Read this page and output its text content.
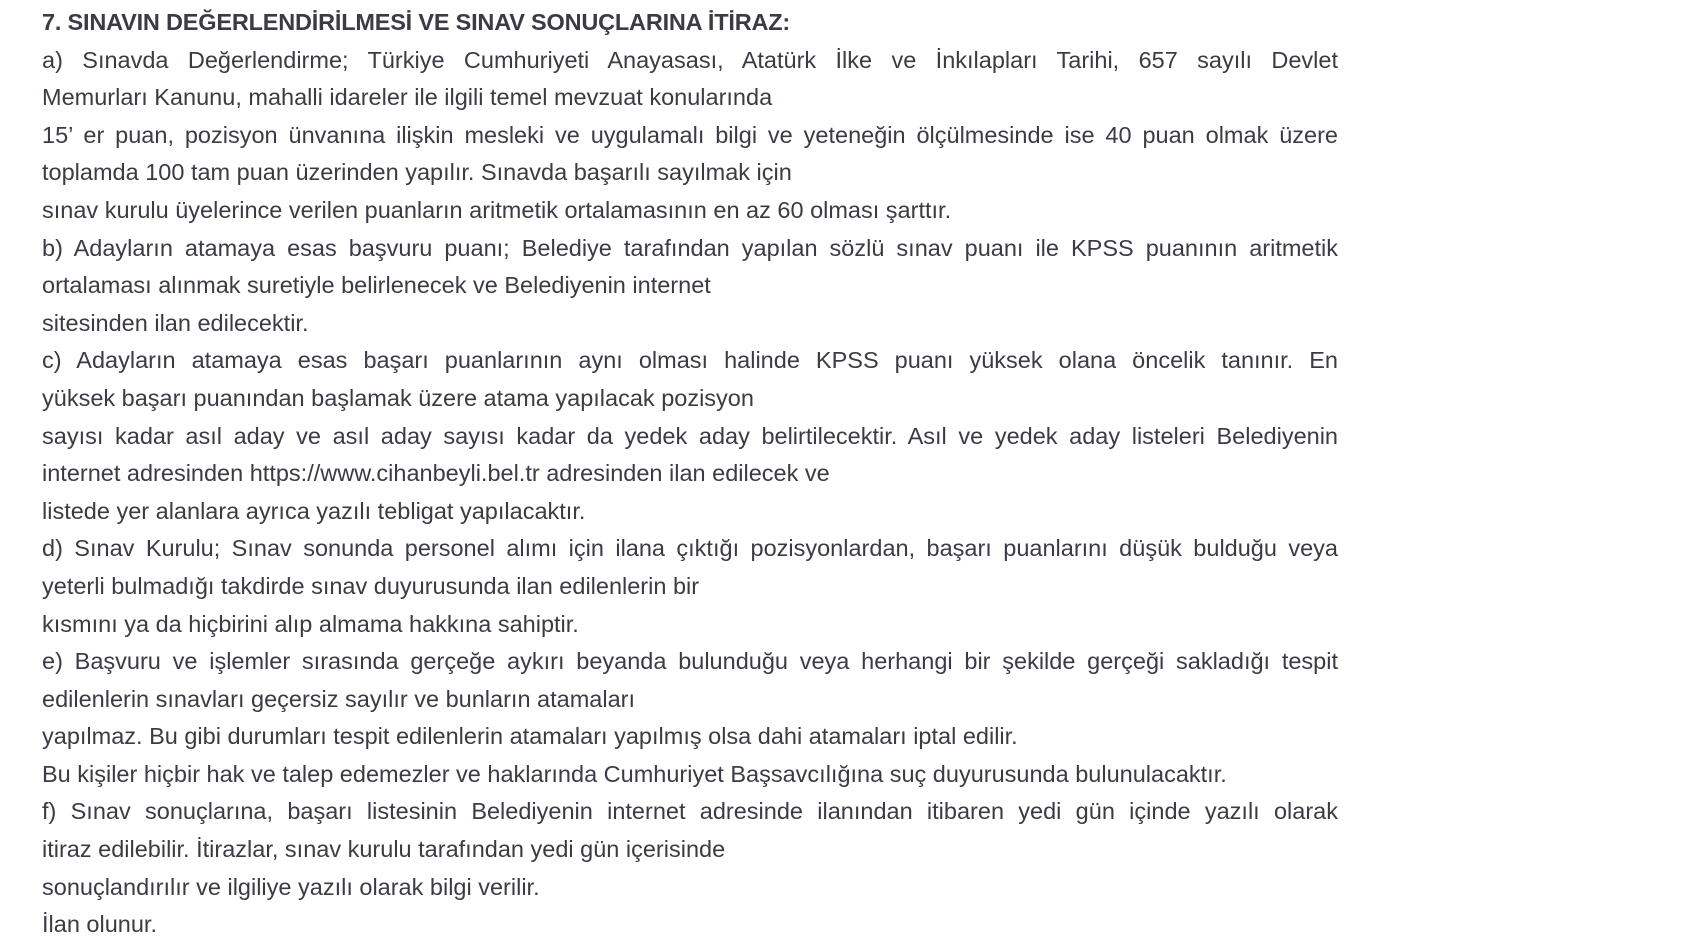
7. SINAVIN DEĞERLENDİRİLMESİ VE SINAV SONUÇLARINA İTİRAZ:
a) Sınavda Değerlendirme; Türkiye Cumhuriyeti Anayasası, Atatürk İlke ve İnkılapları Tarihi, 657 sayılı Devlet
Memurları Kanunu, mahalli idareler ile ilgili temel mevzuat konularında
15’ er puan, pozisyon ünvanına ilişkin mesleki ve uygulamalı bilgi ve yeteneğin ölçülmesinde ise 40 puan olmak üzere
toplamda 100 tam puan üzerinden yapılır. Sınavda başarılı sayılmak için
sınav kurulu üyelerince verilen puanların aritmetik ortalamasının en az 60 olması şarttır.
b) Adayların atamaya esas başvuru puanı; Belediye tarafından yapılan sözlü sınav puanı ile KPSS puanının aritmetik
ortalaması alınmak suretiyle belirlenecek ve Belediyenin internet
sitesinden ilan edilecektir.
c) Adayların atamaya esas başarı puanlarının aynı olması halinde KPSS puanı yüksek olana öncelik tanınır. En
yüksek başarı puanından başlamak üzere atama yapılacak pozisyon
sayısı kadar asıl aday ve asıl aday sayısı kadar da yedek aday belirtilecektir. Asıl ve yedek aday listeleri Belediyenin
internet adresinden https://www.cihanbeyli.bel.tr adresinden ilan edilecek ve
listede yer alanlara ayrıca yazılı tebligat yapılacaktır.
d) Sınav Kurulu; Sınav sonunda personel alımı için ilana çıktığı pozisyonlardan, başarı puanlarını düşük bulduğu veya
yeterli bulmadığı takdirde sınav duyurusunda ilan edilenlerin bir
kısmını ya da hiçbirini alıp almama hakkına sahiptir.
e) Başvuru ve işlemler sırasında gerçeğe aykırı beyanda bulunduğu veya herhangi bir şekilde gerçeği sakladığı tespit
edilenlerin sınavları geçersiz sayılır ve bunların atamaları
yapılmaz. Bu gibi durumları tespit edilenlerin atamaları yapılmış olsa dahi atamaları iptal edilir.
Bu kişiler hiçbir hak ve talep edemezler ve haklarında Cumhuriyet Başsavcılığına suç duyurusunda bulunulacaktır.
f) Sınav sonuçlarına, başarı listesinin Belediyenin internet adresinde ilanından itibaren yedi gün içinde yazılı olarak
itiraz edilebilir. İtirazlar, sınav kurulu tarafından yedi gün içerisinde
sonuçlandırılır ve ilgiliye yazılı olarak bilgi verilir.
İlan olunur.
